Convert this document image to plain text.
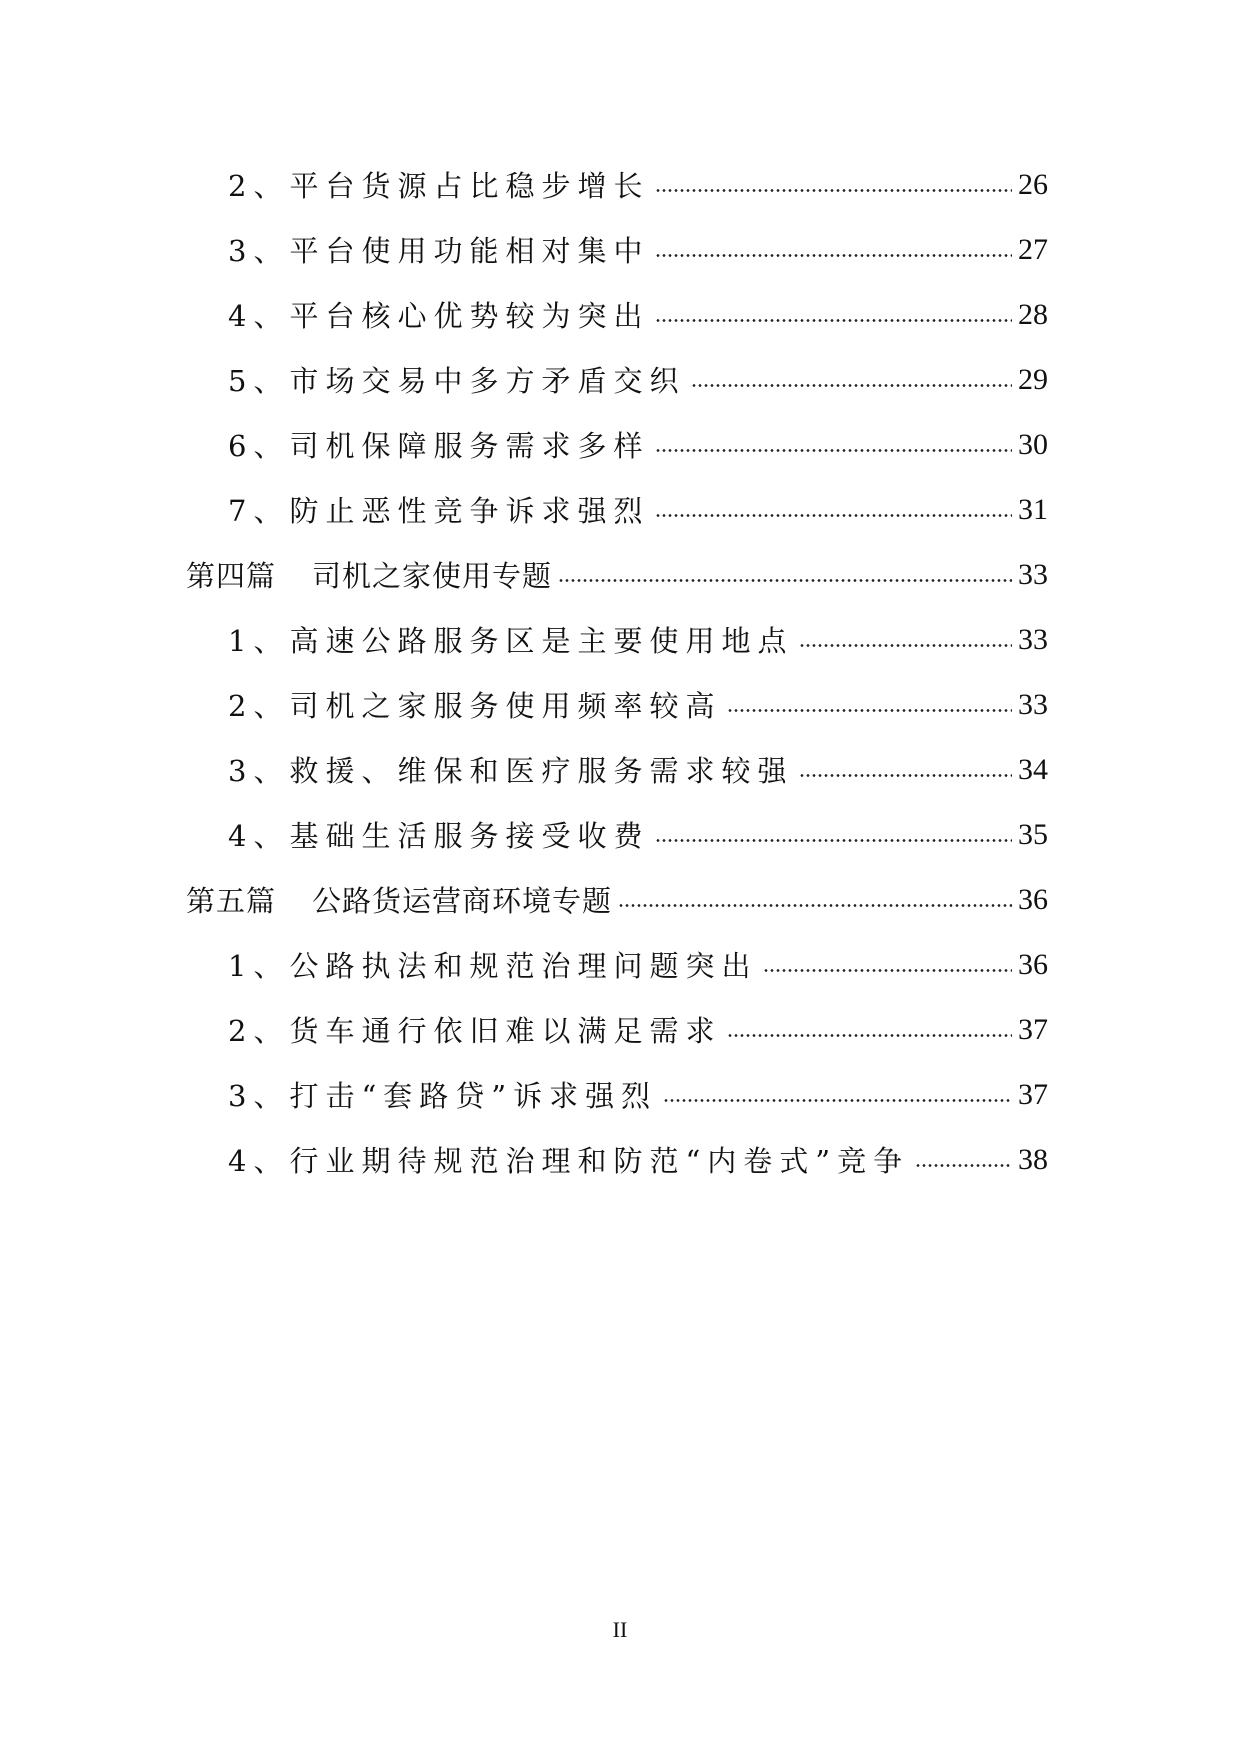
2、平台货源占比稳步增长	26
3、平台使用功能相对集中	27
4、平台核心优势较为突出	28
5、市场交易中多方矛盾交织	29
6、司机保障服务需求多样	30
7、防止恶性竞争诉求强烈	31
第四篇 司机之家使用专题	33
1、高速公路服务区是主要使用地点	33
2、司机之家服务使用频率较高	33
3、救援、维保和医疗服务需求较强	34
4、基础生活服务接受收费	35
第五篇 公路货运营商环境专题	36
1、公路执法和规范治理问题突出	36
2、货车通行依旧难以满足需求	37
3、打击“套路贷”诉求强烈	37
4、行业期待规范治理和防范“内卷式”竞争	38
II
